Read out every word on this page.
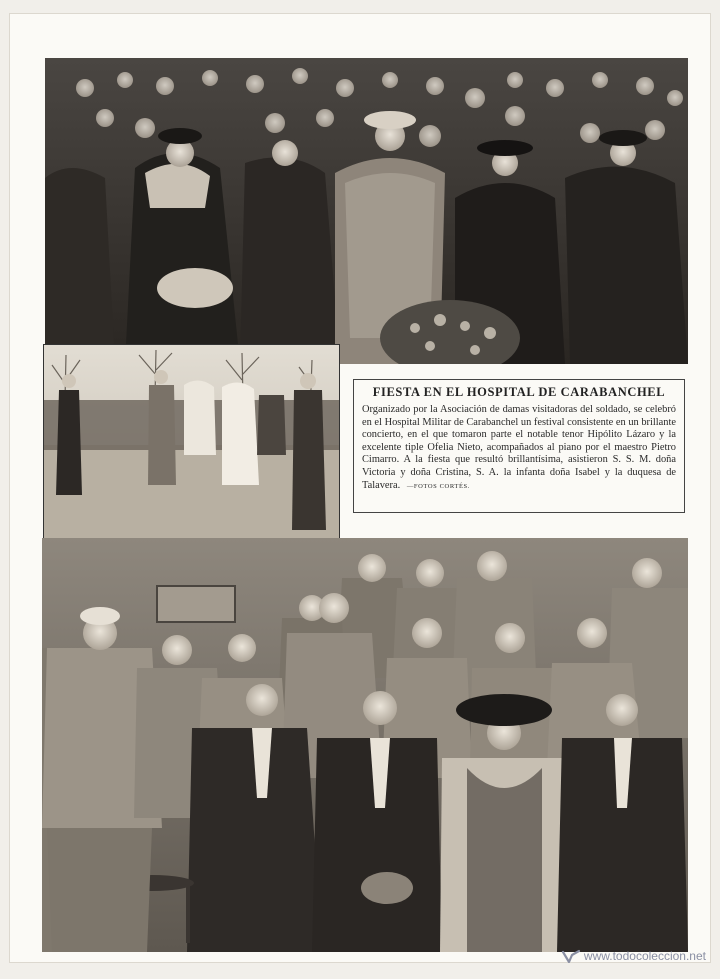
FIESTA EN EL HOSPITAL DE CARABANCHEL
Organizado por la Asociación de damas visitadoras del soldado, se celebró en el Hospital Militar de Carabanchel un festival consistente en un brillante concierto, en el que tomaron parte el notable tenor Hipólito Lázaro y la excelente tiple Ofelia Nieto, acompañados al piano por el maestro Pietro Cimarro. A la fiesta que resultó brillantísima, asistieron S. S. M. doña Victoria y doña Cristina, S. A. la infanta doña Isabel y la duquesa de Talavera. —FOTOS CORTÉS.
www.todocoleccion.net
